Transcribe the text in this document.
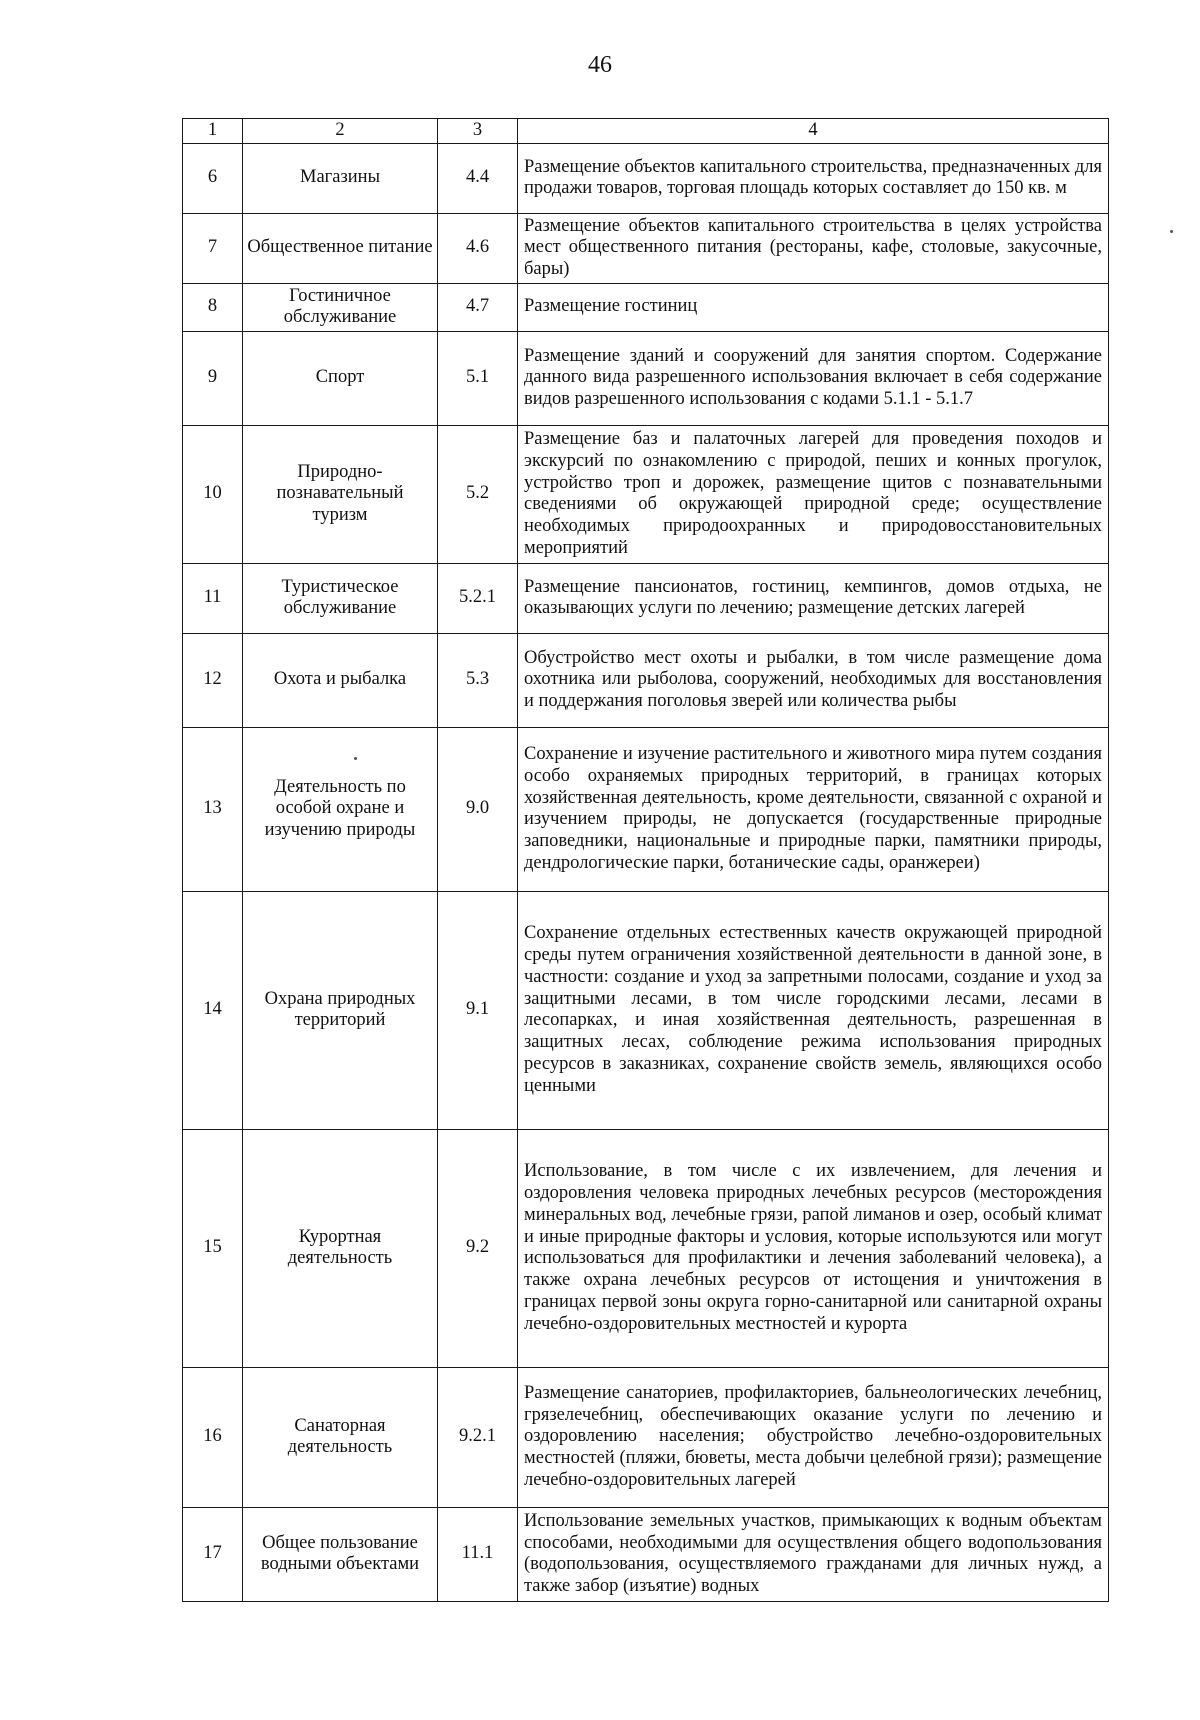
46
1	2	3	4
6	Магазины	4.4	Размещение объектов капитального строительства, предназначенных для продажи товаров, торговая площадь которых составляет до 150 кв. м
7	Общественное питание	4.6	Размещение объектов капитального строительства в целях устройства мест общественного питания (рестораны, кафе, столовые, закусочные, бары)
8	Гостиничное обслуживание	4.7	Размещение гостиниц
9	Спорт	5.1	Размещение зданий и сооружений для занятия спортом. Содержание данного вида разрешенного использования включает в себя содержание видов разрешенного использования с кодами 5.1.1 - 5.1.7
10	Природно-познавательный туризм	5.2	Размещение баз и палаточных лагерей для проведения походов и экскурсий по ознакомлению с природой, пеших и конных прогулок, устройство троп и дорожек, размещение щитов с познавательными сведениями об окружающей природной среде; осуществление необходимых природоохранных и природовосстановительных мероприятий
11	Туристическое обслуживание	5.2.1	Размещение пансионатов, гостиниц, кемпингов, домов отдыха, не оказывающих услуги по лечению; размещение детских лагерей
12	Охота и рыбалка	5.3	Обустройство мест охоты и рыбалки, в том числе размещение дома охотника или рыболова, сооружений, необходимых для восстановления и поддержания поголовья зверей или количества рыбы
13	Деятельность по особой охране и изучению природы	9.0	Сохранение и изучение растительного и животного мира путем создания особо охраняемых природных территорий, в границах которых хозяйственная деятельность, кроме деятельности, связанной с охраной и изучением природы, не допускается (государственные природные заповедники, национальные и природные парки, памятники природы, дендрологические парки, ботанические сады, оранжереи)
14	Охрана природных территорий	9.1	Сохранение отдельных естественных качеств окружающей природной среды путем ограничения хозяйственной деятельности в данной зоне, в частности: создание и уход за запретными полосами, создание и уход за защитными лесами, в том числе городскими лесами, лесами в лесопарках, и иная хозяйственная деятельность, разрешенная в защитных лесах, соблюдение режима использования природных ресурсов в заказниках, сохранение свойств земель, являющихся особо ценными
15	Курортная деятельность	9.2	Использование, в том числе с их извлечением, для лечения и оздоровления человека природных лечебных ресурсов (месторождения минеральных вод, лечебные грязи, рапой лиманов и озер, особый климат и иные природные факторы и условия, которые используются или могут использоваться для профилактики и лечения заболеваний человека), а также охрана лечебных ресурсов от истощения и уничтожения в границах первой зоны округа горно-санитарной или санитарной охраны лечебно-оздоровительных местностей и курорта
16	Санаторная деятельность	9.2.1	Размещение санаториев, профилакториев, бальнеологических лечебниц, грязелечебниц, обеспечивающих оказание услуги по лечению и оздоровлению населения; обустройство лечебно-оздоровительных местностей (пляжи, бюветы, места добычи целебной грязи); размещение лечебно-оздоровительных лагерей
17	Общее пользование водными объектами	11.1	Использование земельных участков, примыкающих к водным объектам способами, необходимыми для осуществления общего водопользования (водопользования, осуществляемого гражданами для личных нужд, а также забор (изъятие) водных
